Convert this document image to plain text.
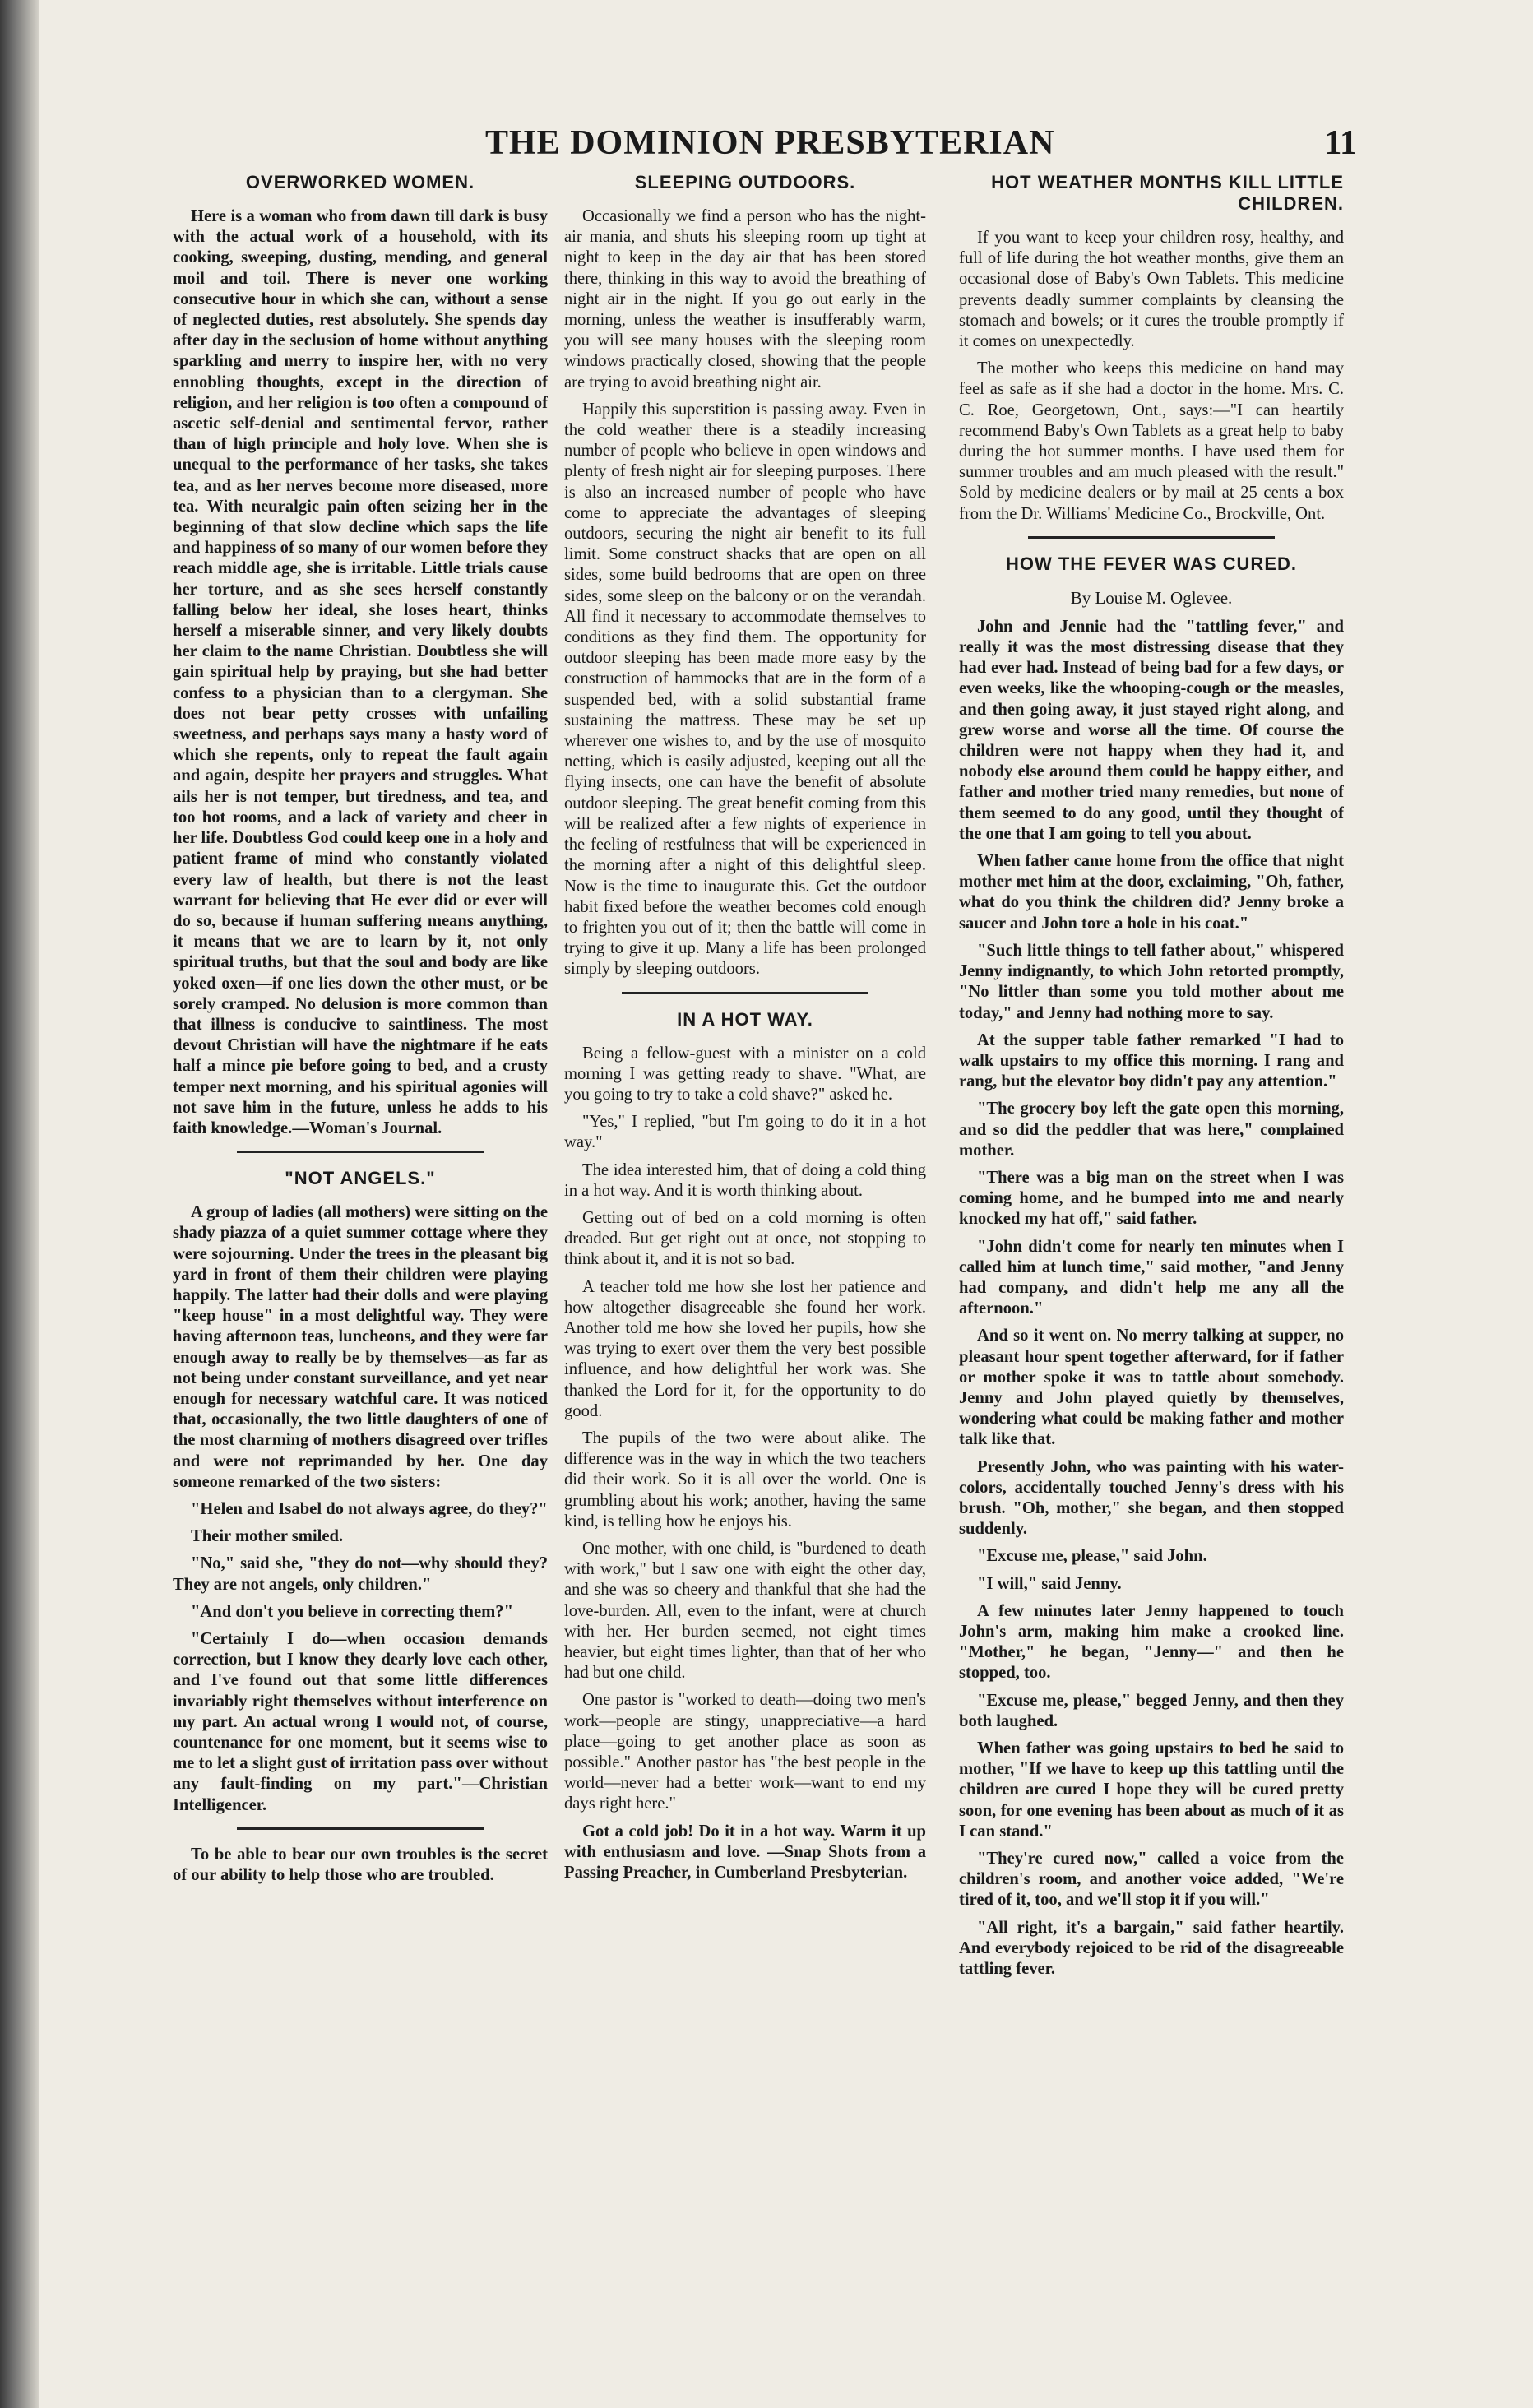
THE DOMINION PRESBYTERIAN	11
OVERWORKED WOMEN.

Here is a woman who from dawn till dark is busy with the actual work of a household, with its cooking, sweeping, dusting, mending, and general moil and toil. There is never one working consecutive hour in which she can, without a sense of neglected duties, rest absolutely. She spends day after day in the seclusion of home without anything sparkling and merry to inspire her, with no very ennobling thoughts, except in the direction of religion, and her religion is too often a compound of ascetic self-denial and sentimental fervor, rather than of high principle and holy love. When she is unequal to the performance of her tasks, she takes tea, and as her nerves become more diseased, more tea. With neuralgic pain often seizing her in the beginning of that slow decline which saps the life and happiness of so many of our women before they reach middle age, she is irritable. Little trials cause her torture, and as she sees herself constantly falling below her ideal, she loses heart, thinks herself a miserable sinner, and very likely doubts her claim to the name Christian. Doubtless she will gain spiritual help by praying, but she had better confess to a physician than to a clergyman. She does not bear petty crosses with unfailing sweetness, and perhaps says many a hasty word of which she repents, only to repeat the fault again and again, despite her prayers and struggles. What ails her is not temper, but tiredness, and tea, and too hot rooms, and a lack of variety and cheer in her life. Doubtless God could keep one in a holy and patient frame of mind who constantly violated every law of health, but there is not the least warrant for believing that He ever did or ever will do so, because if human suffering means anything, it means that we are to learn by it, not only spiritual truths, but that the soul and body are like yoked oxen—if one lies down the other must, or be sorely cramped. No delusion is more common than that illness is conducive to saintliness. The most devout Christian will have the nightmare if he eats half a mince pie before going to bed, and a crusty temper next morning, and his spiritual agonies will not save him in the future, unless he adds to his faith knowledge.—Woman's Journal.

"NOT ANGELS."

A group of ladies (all mothers) were sitting on the shady piazza of a quiet summer cottage where they were sojourning. Under the trees in the pleasant big yard in front of them their children were playing happily. The latter had their dolls and were playing "keep house" in a most delightful way. They were having afternoon teas, luncheons, and they were far enough away to really be by themselves—as far as not being under constant surveillance, and yet near enough for necessary watchful care. It was noticed that, occasionally, the two little daughters of one of the most charming of mothers disagreed over trifles and were not reprimanded by her. One day someone remarked of the two sisters:

"Helen and Isabel do not always agree, do they?"

Their mother smiled.

"No," said she, "they do not—why should they? They are not angels, only children."

"And don't you believe in correcting them?"

"Certainly I do—when occasion demands correction, but I know they dearly love each other, and I've found out that some little differences invariably right themselves without interference on my part. An actual wrong I would not, of course, countenance for one moment, but it seems wise to me to let a slight gust of irritation pass over without any fault-finding on my part."—Christian Intelligencer.

To be able to bear our own troubles is the secret of our ability to help those who are troubled.

SLEEPING OUTDOORS.

Occasionally we find a person who has the night-air mania, and shuts his sleeping room up tight at night to keep in the day air that has been stored there, thinking in this way to avoid the breathing of night air in the night. If you go out early in the morning, unless the weather is insufferably warm, you will see many houses with the sleeping room windows practically closed, showing that the people are trying to avoid breathing night air.

Happily this superstition is passing away. Even in the cold weather there is a steadily increasing number of people who believe in open windows and plenty of fresh night air for sleeping purposes. There is also an increased number of people who have come to appreciate the advantages of sleeping outdoors, securing the night air benefit to its full limit. Some construct shacks that are open on all sides, some build bedrooms that are open on three sides, some sleep on the balcony or on the verandah. All find it necessary to accommodate themselves to conditions as they find them. The opportunity for outdoor sleeping has been made more easy by the construction of hammocks that are in the form of a suspended bed, with a solid substantial frame sustaining the mattress. These may be set up wherever one wishes to, and by the use of mosquito netting, which is easily adjusted, keeping out all the flying insects, one can have the benefit of absolute outdoor sleeping. The great benefit coming from this will be realized after a few nights of experience in the feeling of restfulness that will be experienced in the morning after a night of this delightful sleep. Now is the time to inaugurate this. Get the outdoor habit fixed before the weather becomes cold enough to frighten you out of it; then the battle will come in trying to give it up. Many a life has been prolonged simply by sleeping outdoors.

IN A HOT WAY.

Being a fellow-guest with a minister on a cold morning I was getting ready to shave. "What, are you going to try to take a cold shave?" asked he.

"Yes," I replied, "but I'm going to do it in a hot way."

The idea interested him, that of doing a cold thing in a hot way. And it is worth thinking about.

Getting out of bed on a cold morning is often dreaded. But get right out at once, not stopping to think about it, and it is not so bad.

A teacher told me how she lost her patience and how altogether disagreeable she found her work. Another told me how she loved her pupils, how she was trying to exert over them the very best possible influence, and how delightful her work was. She thanked the Lord for it, for the opportunity to do good.

The pupils of the two were about alike. The difference was in the way in which the two teachers did their work. So it is all over the world. One is grumbling about his work; another, having the same kind, is telling how he enjoys his.

One mother, with one child, is "burdened to death with work," but I saw one with eight the other day, and she was so cheery and thankful that she had the love-burden. All, even to the infant, were at church with her. Her burden seemed, not eight times heavier, but eight times lighter, than that of her who had but one child.

One pastor is "worked to death—doing two men's work—people are stingy, unappreciative—a hard place—going to get another place as soon as possible." Another pastor has "the best people in the world—never had a better work—want to end my days right here."

Got a cold job! Do it in a hot way. Warm it up with enthusiasm and love. —Snap Shots from a Passing Preacher, in Cumberland Presbyterian.

HOT WEATHER MONTHS KILL LITTLE CHILDREN.

If you want to keep your children rosy, healthy, and full of life during the hot weather months, give them an occasional dose of Baby's Own Tablets. This medicine prevents deadly summer complaints by cleansing the stomach and bowels; or it cures the trouble promptly if it comes on unexpectedly.

The mother who keeps this medicine on hand may feel as safe as if she had a doctor in the home. Mrs. C. C. Roe, Georgetown, Ont., says:—"I can heartily recommend Baby's Own Tablets as a great help to baby during the hot summer months. I have used them for summer troubles and am much pleased with the result." Sold by medicine dealers or by mail at 25 cents a box from the Dr. Williams' Medicine Co., Brockville, Ont.

HOW THE FEVER WAS CURED.
By Louise M. Oglevee.

John and Jennie had the "tattling fever," and really it was the most distressing disease that they had ever had. Instead of being bad for a few days, or even weeks, like the whooping-cough or the measles, and then going away, it just stayed right along, and grew worse and worse all the time. Of course the children were not happy when they had it, and nobody else around them could be happy either, and father and mother tried many remedies, but none of them seemed to do any good, until they thought of the one that I am going to tell you about.

When father came home from the office that night mother met him at the door, exclaiming, "Oh, father, what do you think the children did? Jenny broke a saucer and John tore a hole in his coat."

"Such little things to tell father about," whispered Jenny indignantly, to which John retorted promptly, "No littler than some you told mother about me today," and Jenny had nothing more to say.

At the supper table father remarked "I had to walk upstairs to my office this morning. I rang and rang, but the elevator boy didn't pay any attention."

"The grocery boy left the gate open this morning, and so did the peddler that was here," complained mother.

"There was a big man on the street when I was coming home, and he bumped into me and nearly knocked my hat off," said father.

"John didn't come for nearly ten minutes when I called him at lunch time," said mother, "and Jenny had company, and didn't help me any all the afternoon."

And so it went on. No merry talking at supper, no pleasant hour spent together afterward, for if father or mother spoke it was to tattle about somebody. Jenny and John played quietly by themselves, wondering what could be making father and mother talk like that.

Presently John, who was painting with his water-colors, accidentally touched Jenny's dress with his brush. "Oh, mother," she began, and then stopped suddenly.

"Excuse me, please," said John.

"I will," said Jenny.

A few minutes later Jenny happened to touch John's arm, making him make a crooked line. "Mother," he began, "Jenny—" and then he stopped, too.

"Excuse me, please," begged Jenny, and then they both laughed.

When father was going upstairs to bed he said to mother, "If we have to keep up this tattling until the children are cured I hope they will be cured pretty soon, for one evening has been about as much of it as I can stand."

"They're cured now," called a voice from the children's room, and another voice added, "We're tired of it, too, and we'll stop it if you will."

"All right, it's a bargain," said father heartily. And everybody rejoiced to be rid of the disagreeable tattling fever.
